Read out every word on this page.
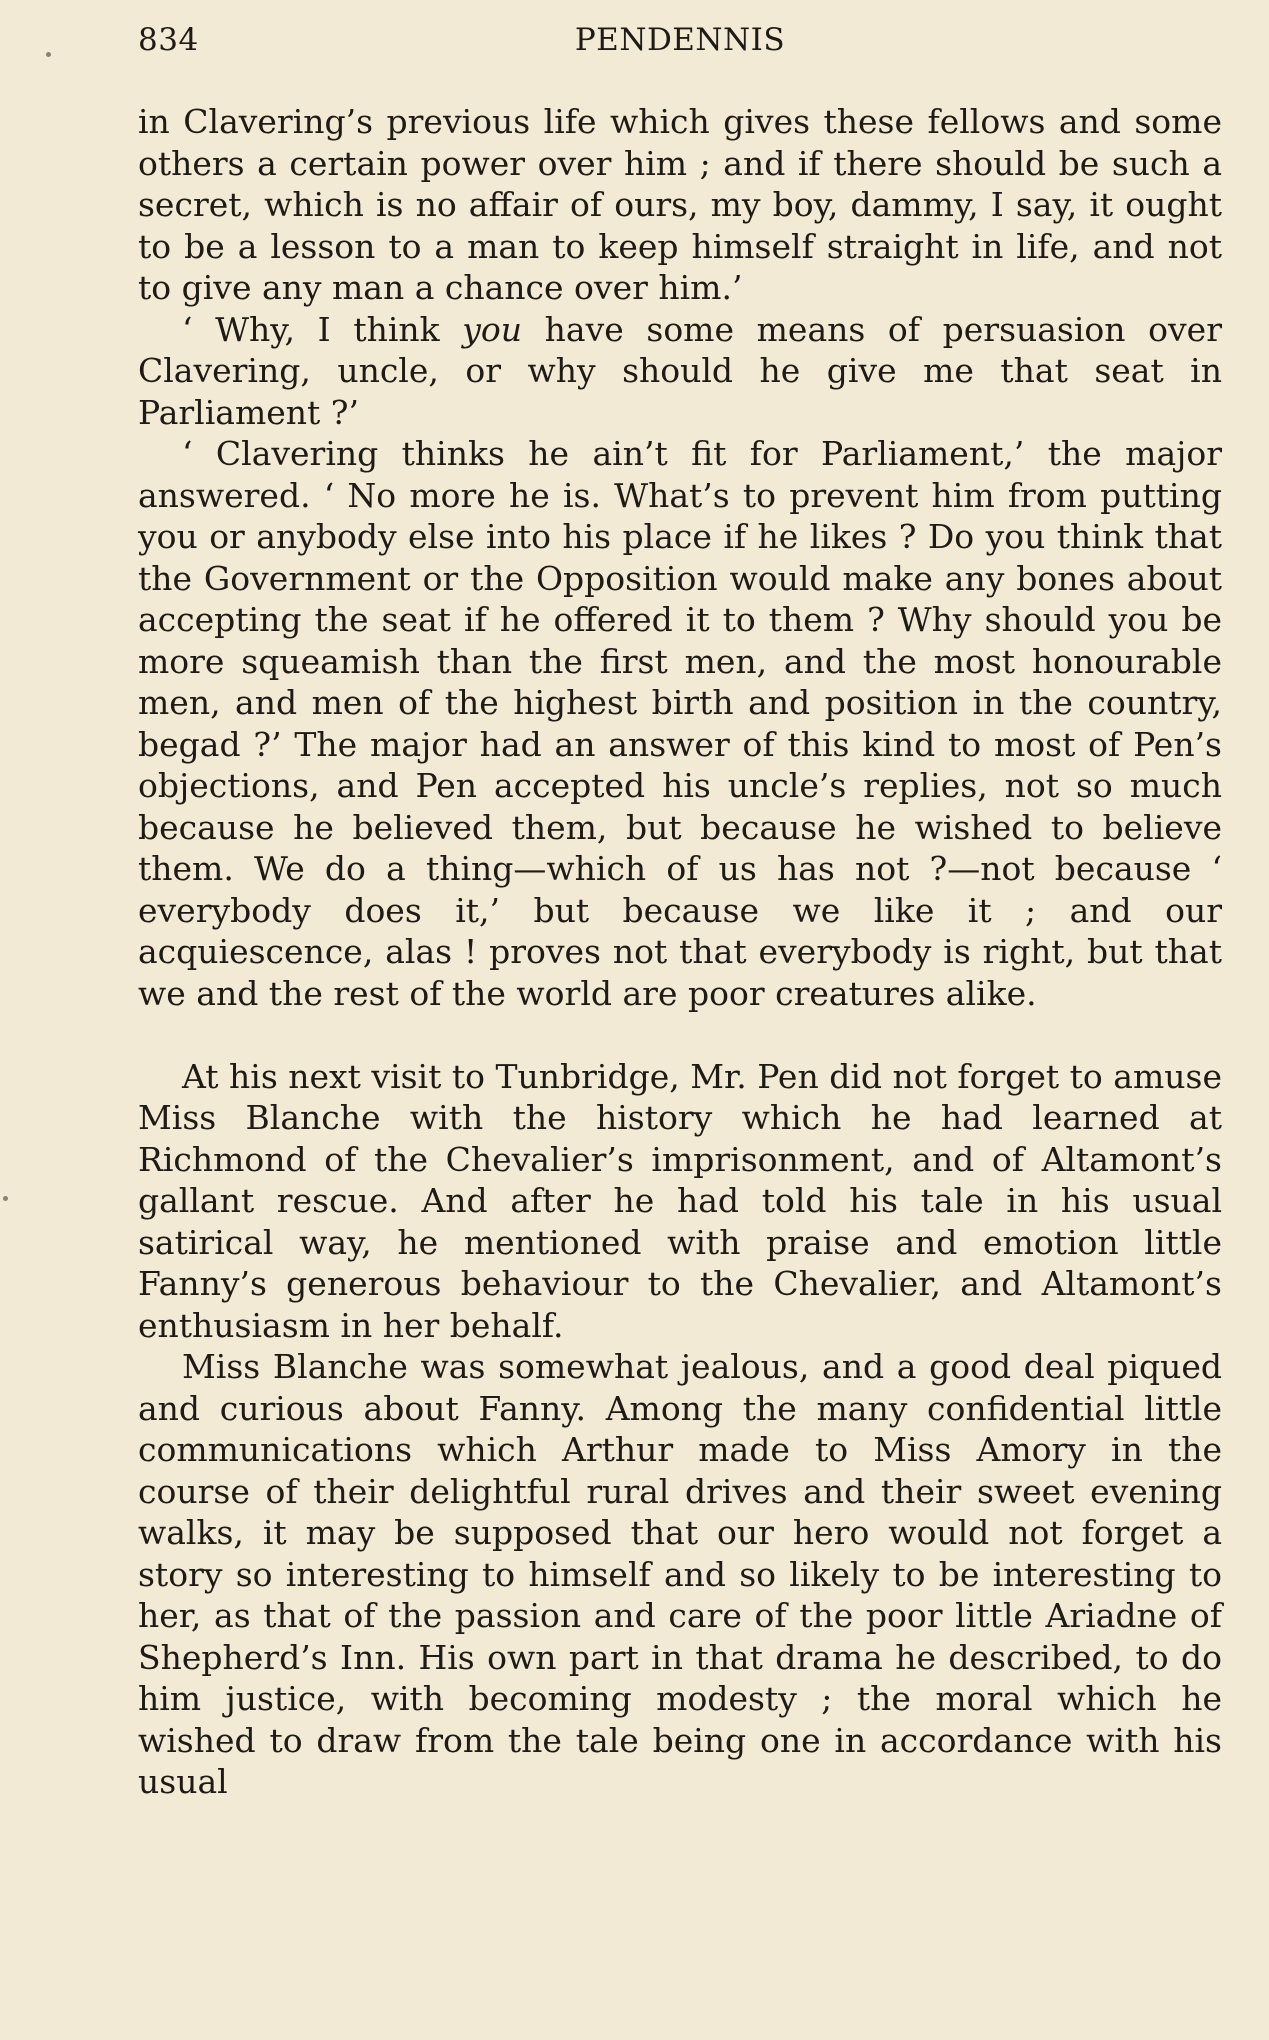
834	PENDENNIS

in Clavering’s previous life which gives these fellows and some others a certain power over him ; and if there should be such a secret, which is no affair of ours, my boy, dammy, I say, it ought to be a lesson to a man to keep himself straight in life, and not to give any man a chance over him.’

‘ Why, I think you have some means of persuasion over Clavering, uncle, or why should he give me that seat in Parliament ?’

‘ Clavering thinks he ain’t fit for Parliament,’ the major answered. ‘ No more he is. What’s to prevent him from putting you or anybody else into his place if he likes ? Do you think that the Government or the Opposition would make any bones about accepting the seat if he offered it to them ? Why should you be more squeamish than the first men, and the most honourable men, and men of the highest birth and position in the country, begad ?’ The major had an answer of this kind to most of Pen’s objections, and Pen accepted his uncle’s replies, not so much because he believed them, but because he wished to believe them. We do a thing—which of us has not ?—not because ‘ everybody does it,’ but because we like it ; and our acquiescence, alas ! proves not that everybody is right, but that we and the rest of the world are poor creatures alike.

At his next visit to Tunbridge, Mr. Pen did not forget to amuse Miss Blanche with the history which he had learned at Richmond of the Chevalier’s imprisonment, and of Altamont’s gallant rescue. And after he had told his tale in his usual satirical way, he mentioned with praise and emotion little Fanny’s generous behaviour to the Chevalier, and Altamont’s enthusiasm in her behalf.

Miss Blanche was somewhat jealous, and a good deal piqued and curious about Fanny. Among the many confidential little communications which Arthur made to Miss Amory in the course of their delightful rural drives and their sweet evening walks, it may be supposed that our hero would not forget a story so interesting to himself and so likely to be interesting to her, as that of the passion and care of the poor little Ariadne of Shepherd’s Inn. His own part in that drama he described, to do him justice, with becoming modesty ; the moral which he wished to draw from the tale being one in accordance with his usual
